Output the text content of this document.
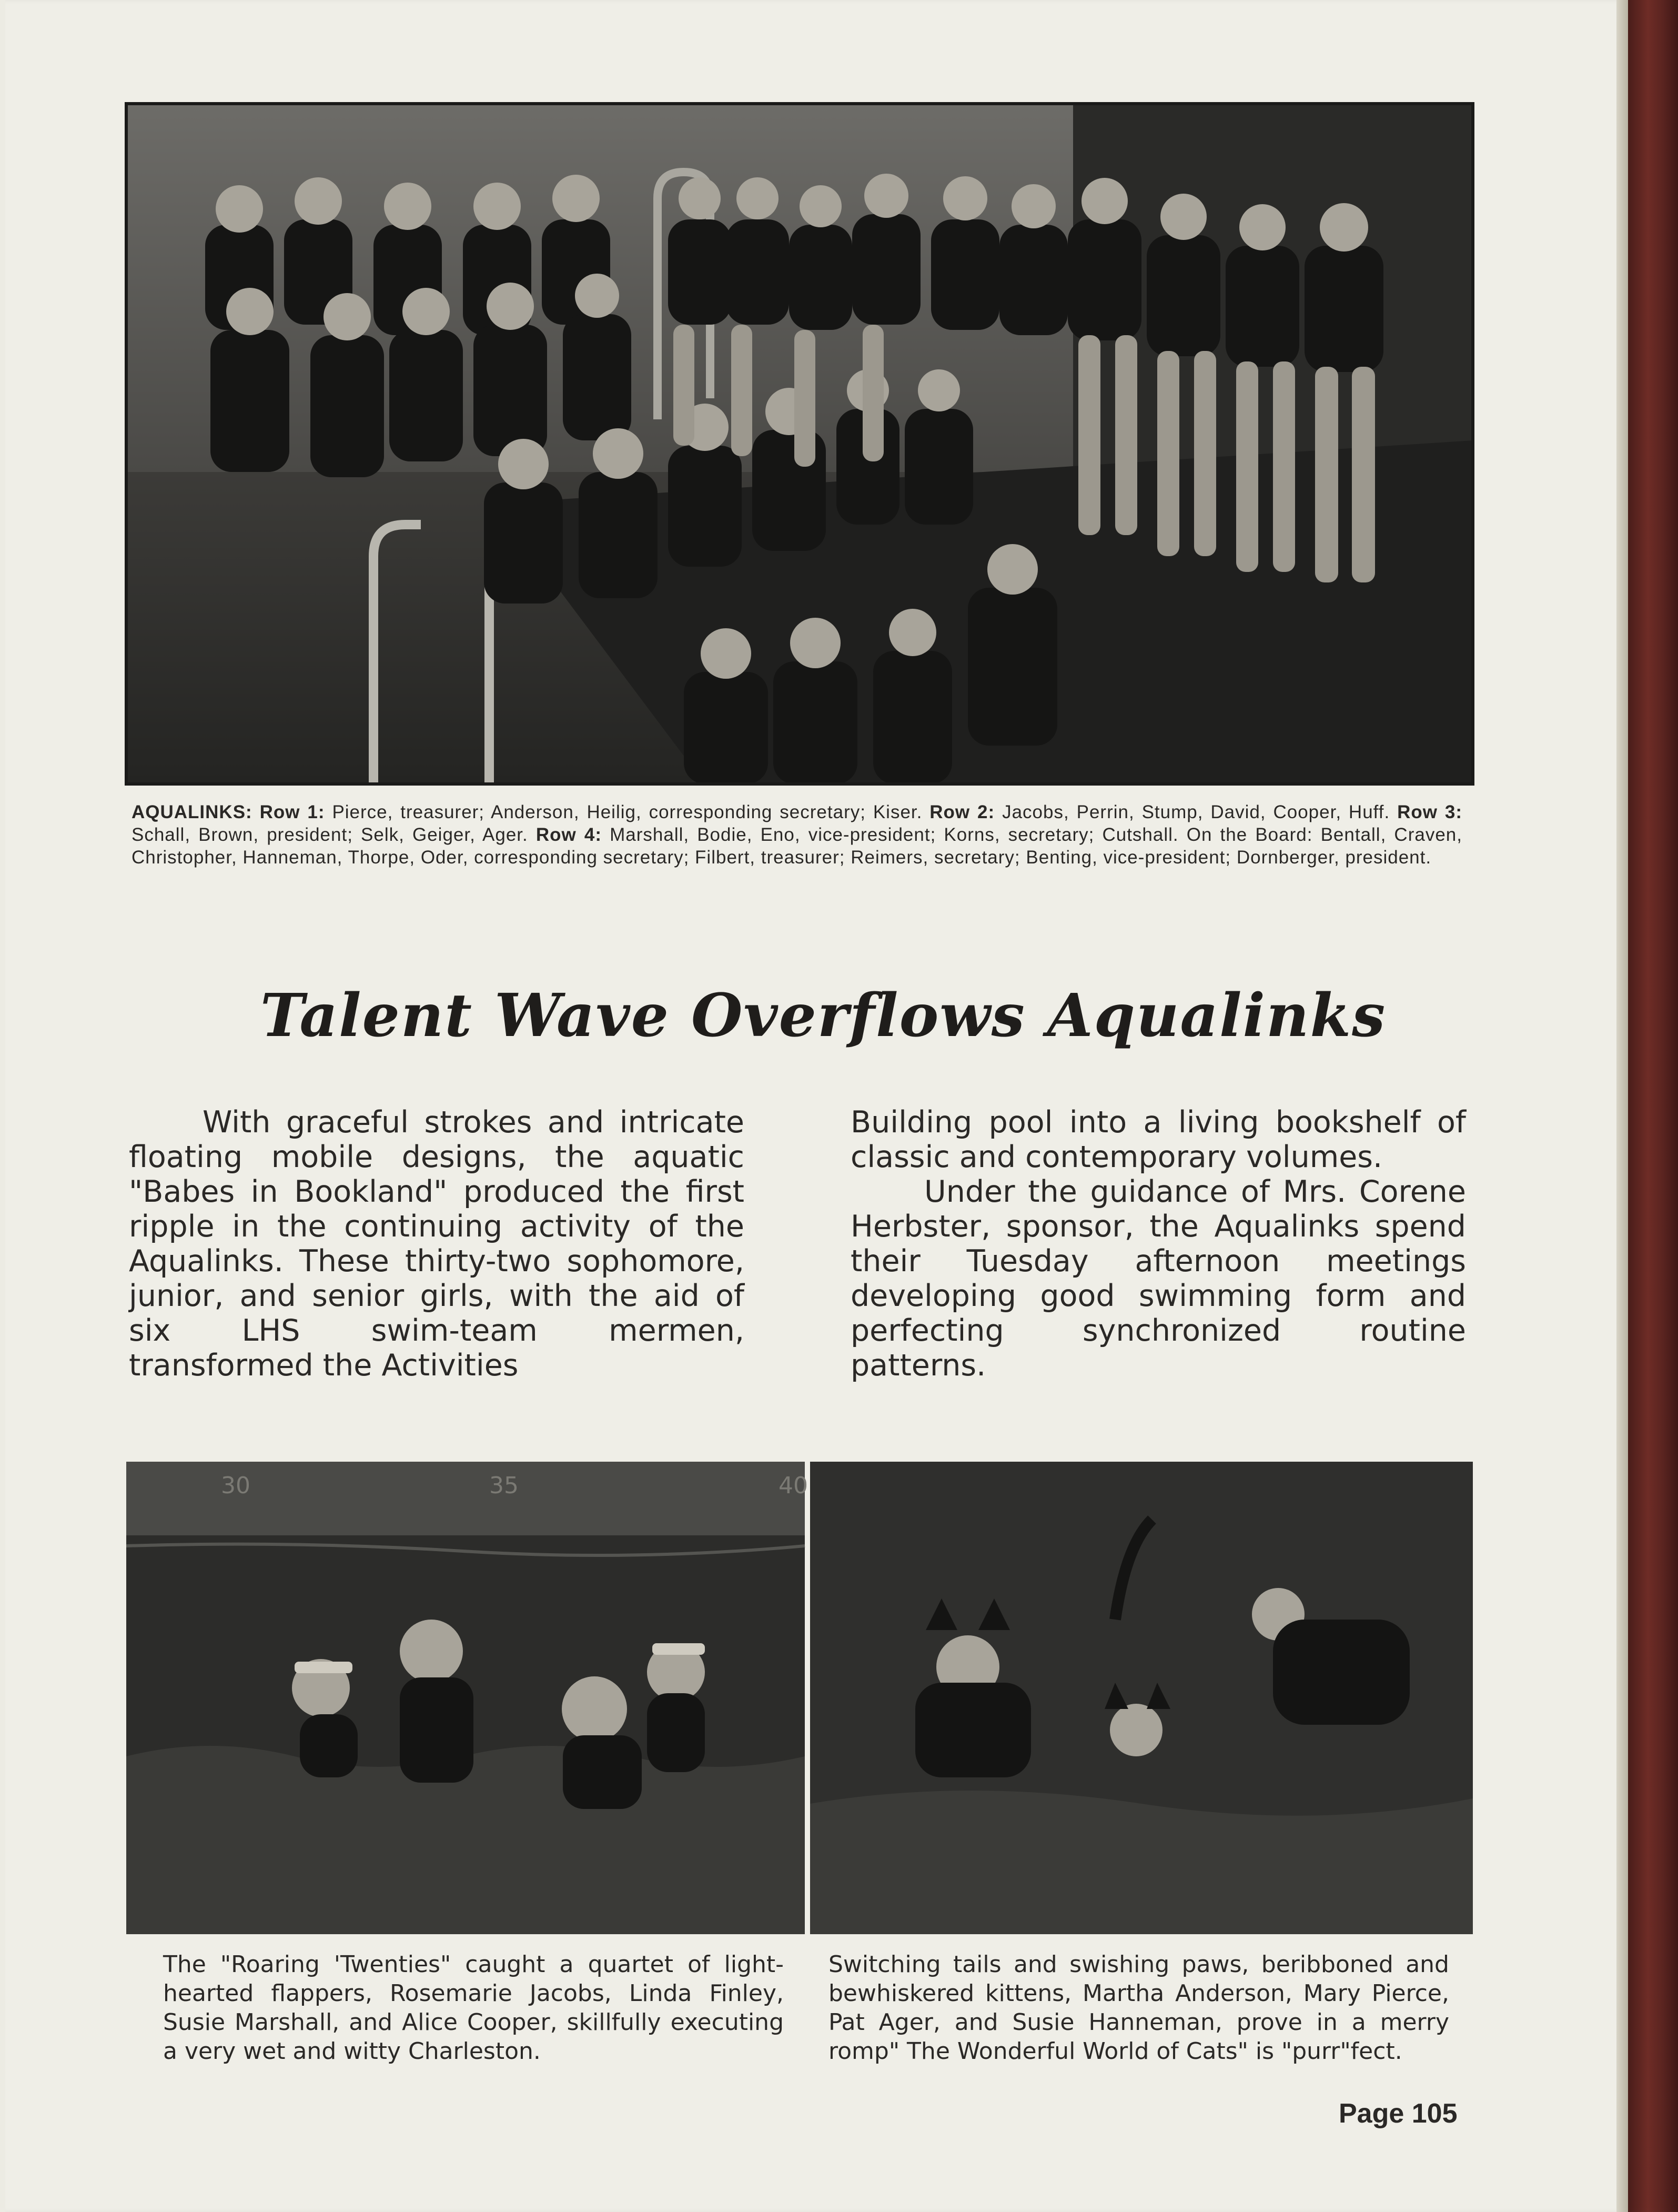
AQUALINKS: Row 1: Pierce, treasurer; Anderson, Heilig, corresponding secretary; Kiser. Row 2: Jacobs, Perrin, Stump, David, Cooper, Huff. Row 3: Schall, Brown, president; Selk, Geiger, Ager. Row 4: Marshall, Bodie, Eno, vice-president; Korns, secretary; Cutshall. On the Board: Bentall, Craven, Christopher, Hanneman, Thorpe, Oder, corresponding secretary; Filbert, treasurer; Reimers, secretary; Benting, vice-president; Dornberger, president.

Talent Wave Overflows Aqualinks

With graceful strokes and intricate floating mobile designs, the aquatic "Babes in Bookland" produced the first ripple in the continuing activity of the Aqualinks. These thirty-two sophomore, junior, and senior girls, with the aid of six LHS swim-team mermen, transformed the Activities

Building pool into a living bookshelf of classic and contemporary volumes.

Under the guidance of Mrs. Corene Herbster, sponsor, the Aqualinks spend their Tuesday afternoon meetings developing good swimming form and perfecting synchronized routine patterns.

30	35	40

The "Roaring 'Twenties" caught a quartet of light-hearted flappers, Rosemarie Jacobs, Linda Finley, Susie Marshall, and Alice Cooper, skillfully executing a very wet and witty Charleston.

Switching tails and swishing paws, beribboned and bewhiskered kittens, Martha Anderson, Mary Pierce, Pat Ager, and Susie Hanneman, prove in a merry romp" The Wonderful World of Cats" is "purr"fect.

Page 105
